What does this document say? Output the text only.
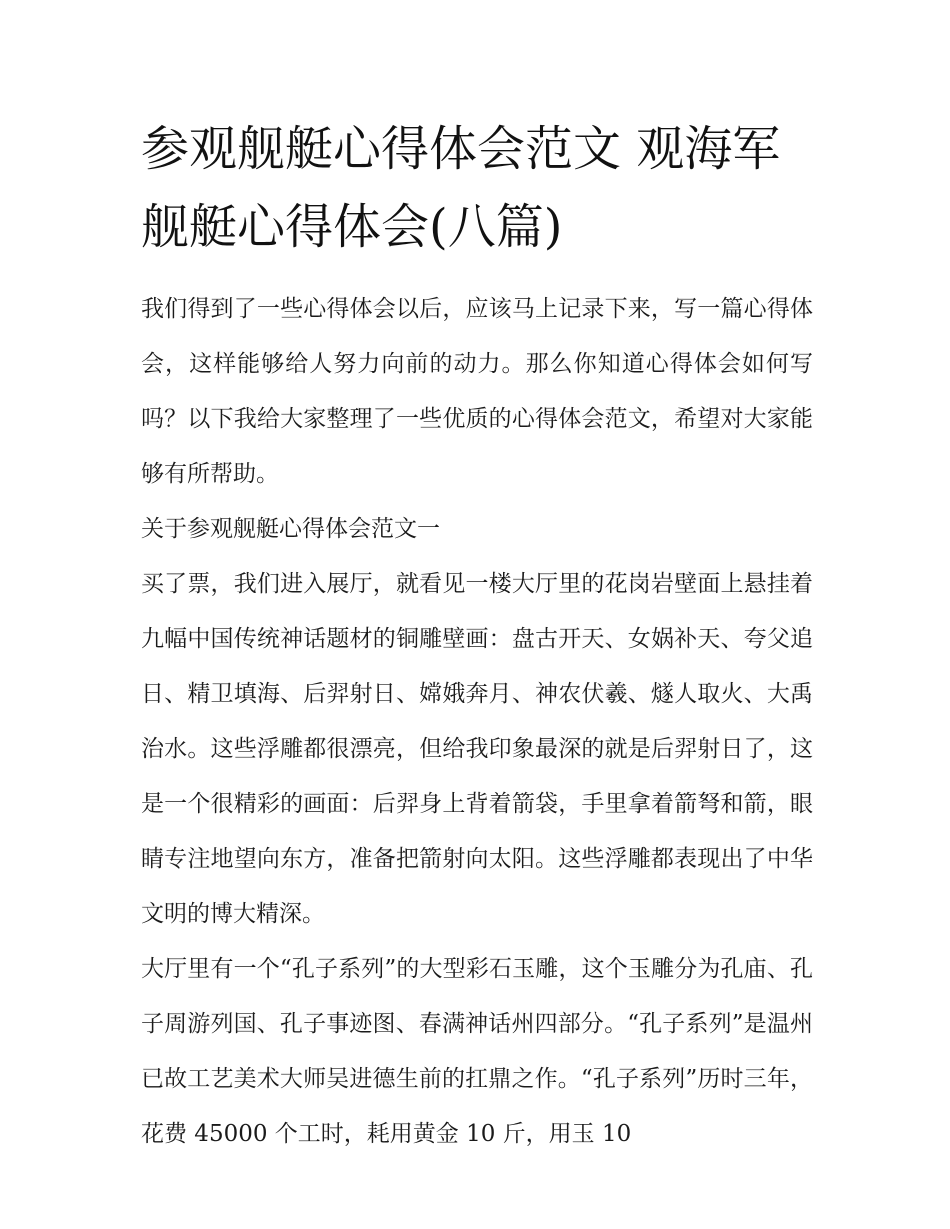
参观舰艇心得体会范文 观海军舰艇心得体会(八篇)

我们得到了一些心得体会以后，应该马上记录下来，写一篇心得体会，这样能够给人努力向前的动力。那么你知道心得体会如何写吗？以下我给大家整理了一些优质的心得体会范文，希望对大家能够有所帮助。

关于参观舰艇心得体会范文一

买了票，我们进入展厅，就看见一楼大厅里的花岗岩壁面上悬挂着九幅中国传统神话题材的铜雕壁画：盘古开天、女娲补天、夸父追日、精卫填海、后羿射日、嫦娥奔月、神农伏羲、燧人取火、大禹治水。这些浮雕都很漂亮，但给我印象最深的就是后羿射日了，这是一个很精彩的画面：后羿身上背着箭袋，手里拿着箭弩和箭，眼睛专注地望向东方，准备把箭射向太阳。这些浮雕都表现出了中华文明的博大精深。

大厅里有一个“孔子系列”的大型彩石玉雕，这个玉雕分为孔庙、孔子周游列国、孔子事迹图、春满神话州四部分。“孔子系列”是温州已故工艺美术大师吴进德生前的扛鼎之作。“孔子系列”历时三年，花费 45000 个工时，耗用黄金 10 斤，用玉 10
